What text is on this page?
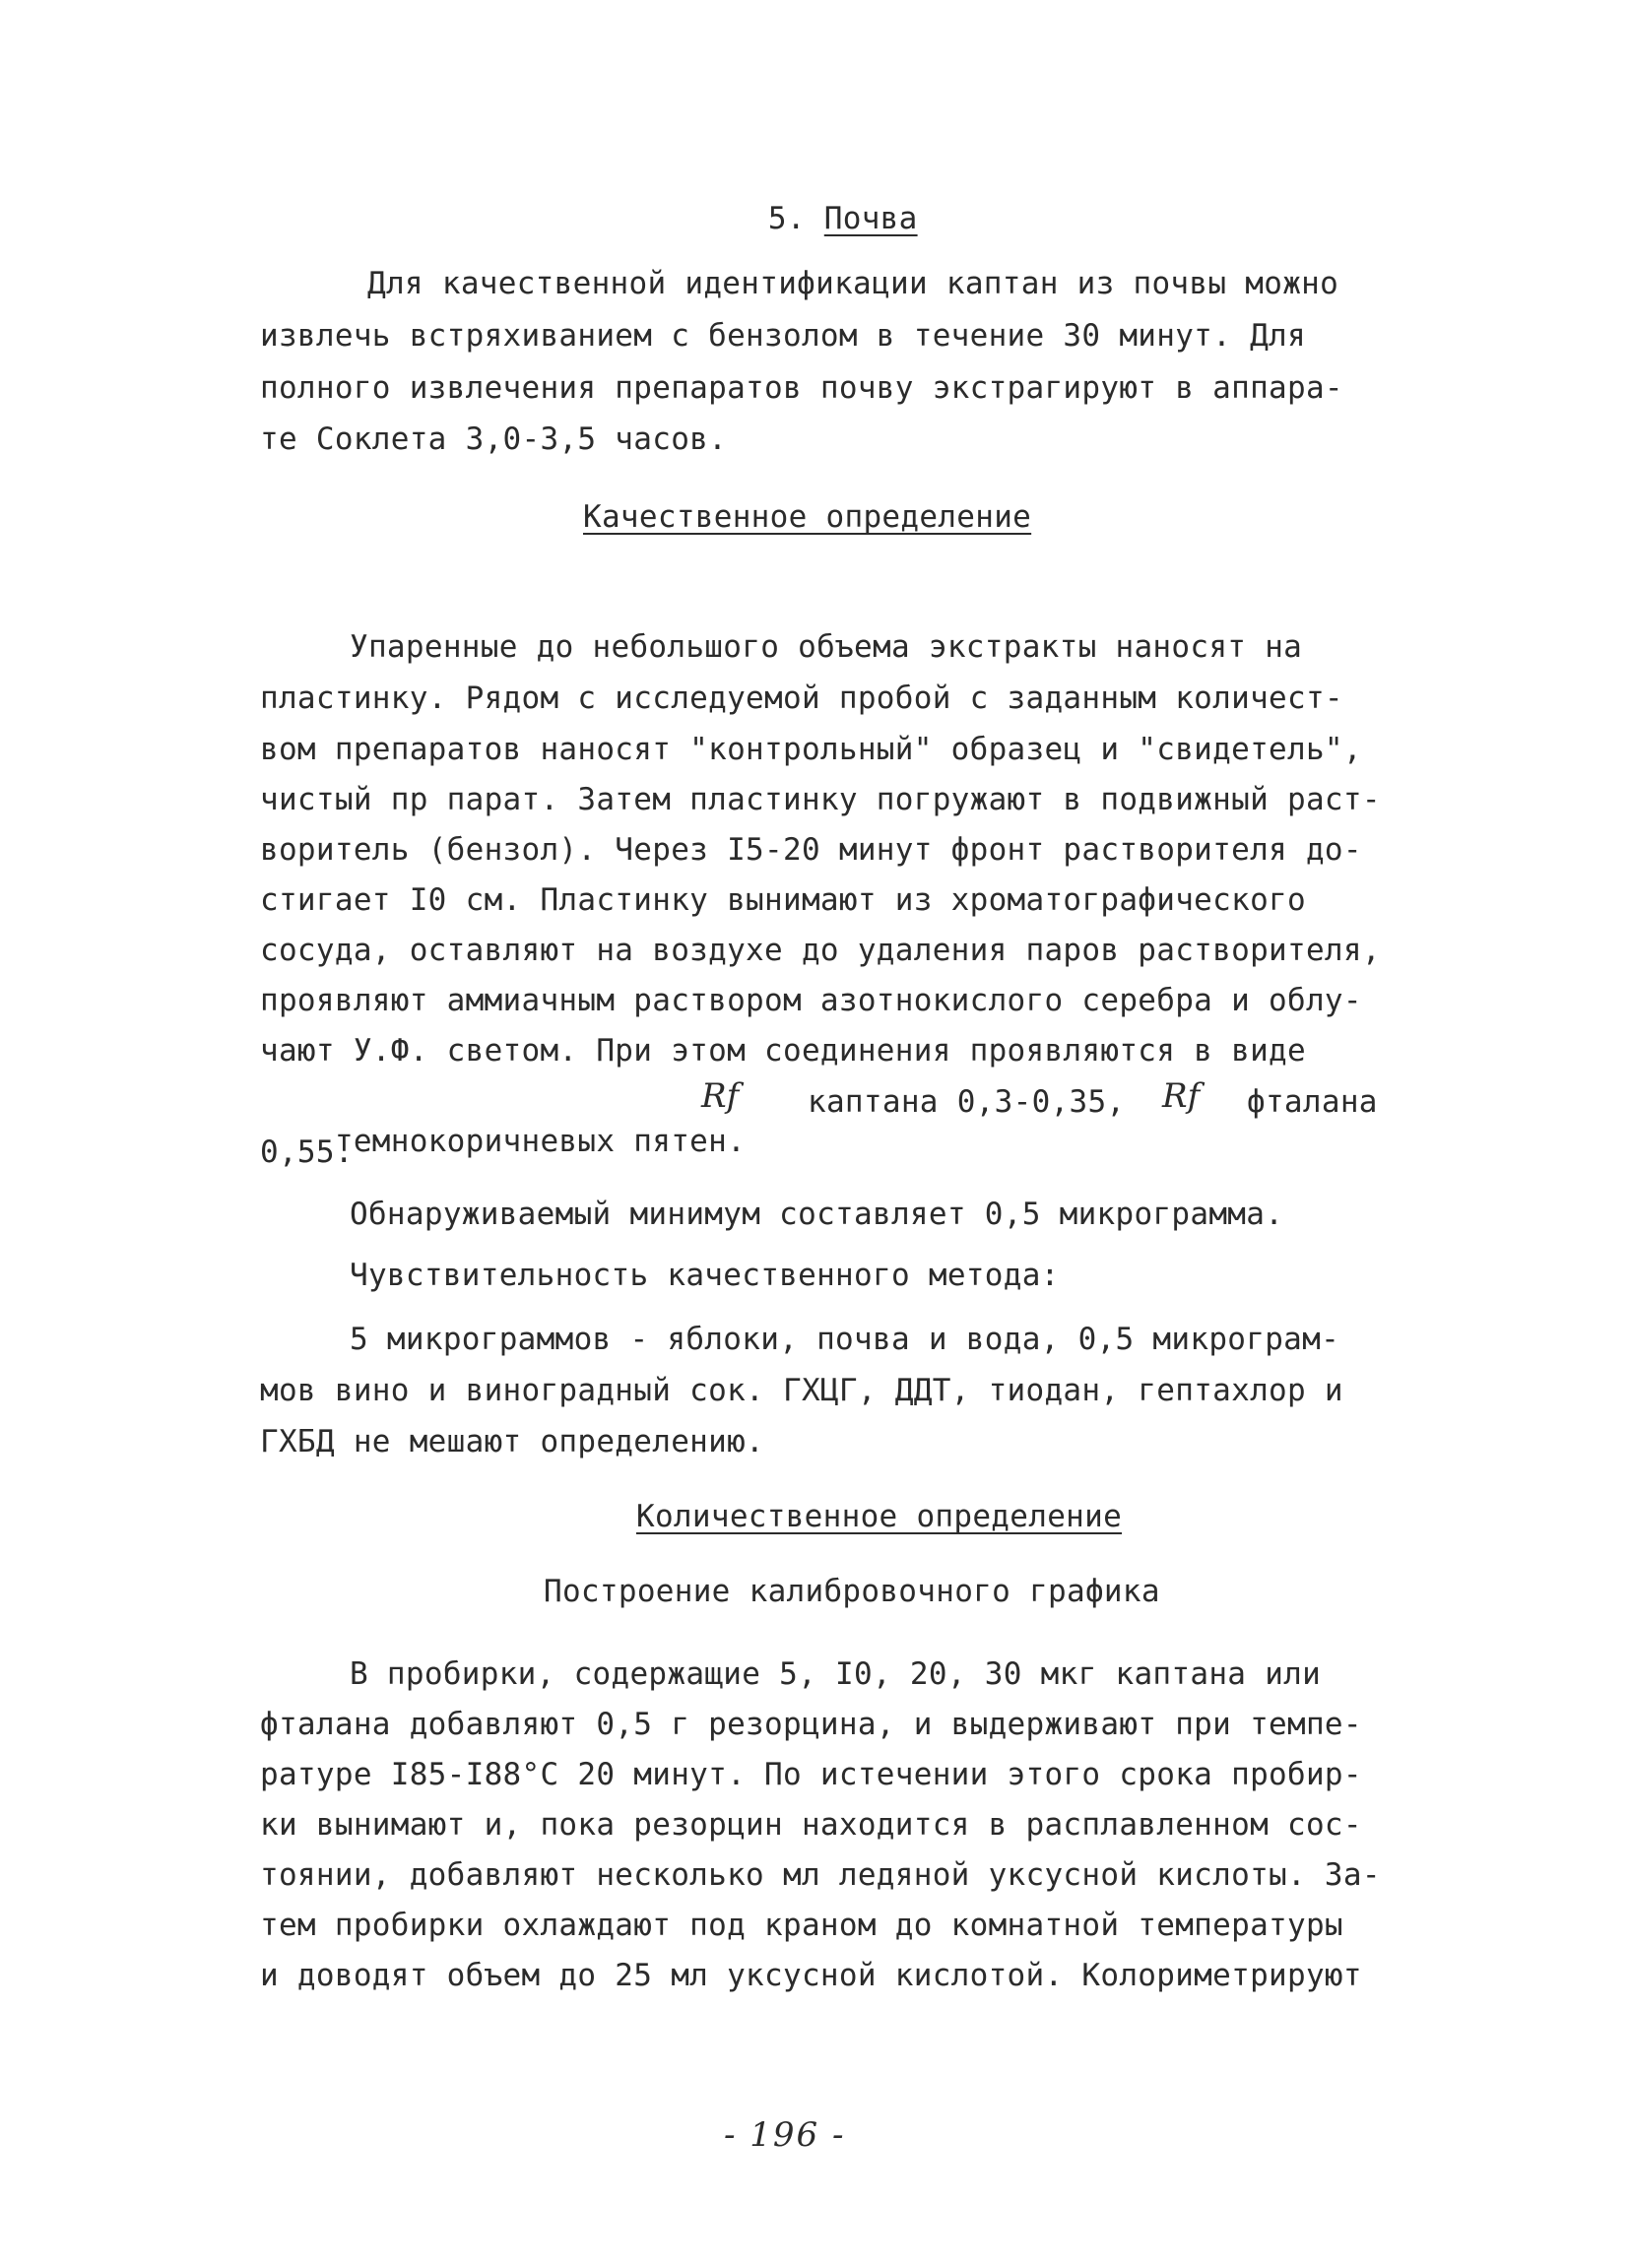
5. Почва

Для качественной идентификации каптан из почвы можно
извлечь встряхиванием с бензолом в течение 30 минут. Для
полного извлечения препаратов почву экстрагируют в аппара-
те Соклета 3,0-3,5 часов.
Качественное определение
Упаренные до небольшого объема экстракты наносят на
пластинку. Рядом с исследуемой пробой с заданным количест-
вом препаратов наносят "контрольный" образец и "свидетель",
чистый пр парат. Затем пластинку погружают в подвижный раст-
воритель (бензол). Через I5-20 минут фронт растворителя до-
стигает I0 см. Пластинку вынимают из хроматографического
сосуда, оставляют на воздухе до удаления паров растворителя,
проявляют аммиачным раствором азотнокислого серебра и облу-
чают У.Ф. светом. При этом соединения проявляются в виде

темнокоричневых пятен.

Rf каптана 0,3-0,35, Rf фталана
0,55.
Обнаруживаемый минимум составляет 0,5 микрограмма.
Чувствительность качественного метода:
5 микрограммов - яблоки, почва и вода, 0,5 микрограм-
мов вино и виноградный сок. ГХЦГ, ДДТ, тиодан, гептахлор и
ГХБД не мешают определению.
Количественное определение
Построение калибровочного графика
В пробирки, содержащие 5, I0, 20, 30 мкг каптана или
фталана добавляют 0,5 г резорцина, и выдерживают при темпе-
ратуре I85-I88°С 20 минут. По истечении этого срока пробир-
ки вынимают и, пока резорцин находится в расплавленном сос-
тоянии, добавляют несколько мл ледяной уксусной кислоты. За-
тем пробирки охлаждают под краном до комнатной температуры
и доводят объем до 25 мл уксусной кислотой. Колориметрируют
- 196 -
